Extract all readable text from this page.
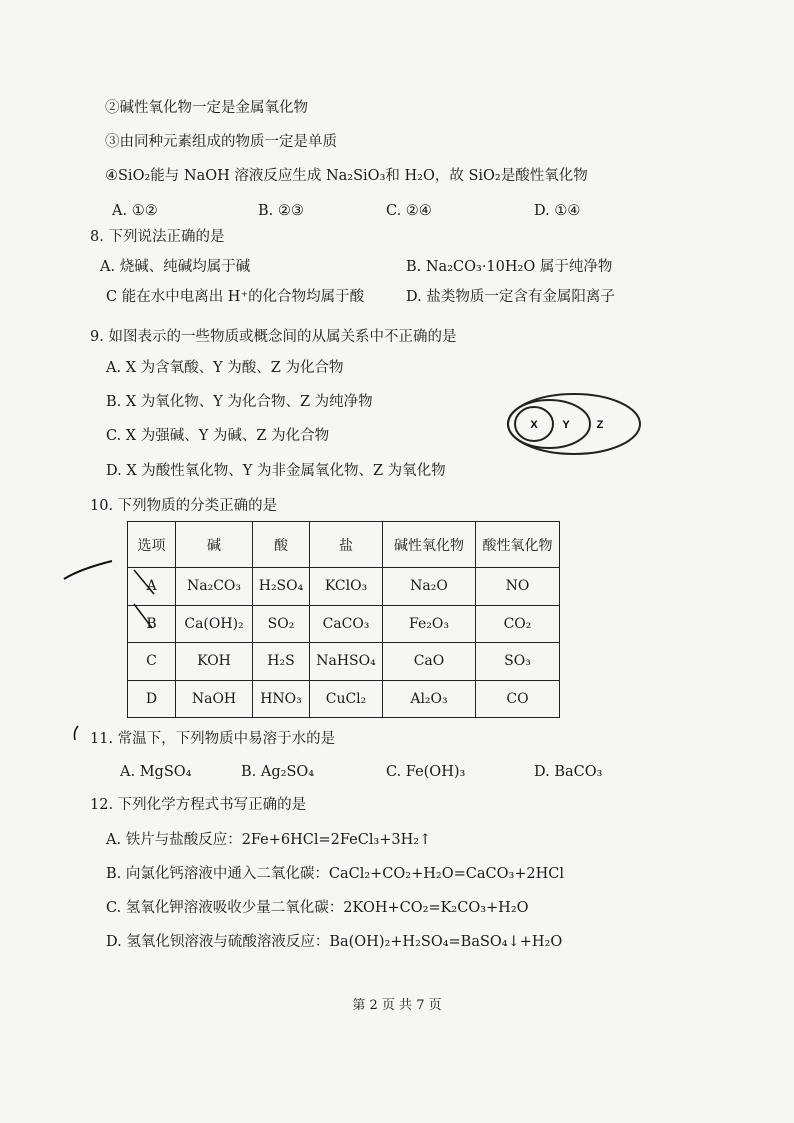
②碱性氧化物一定是金属氧化物
③由同种元素组成的物质一定是单质
④SiO₂能与 NaOH 溶液反应生成 Na₂SiO₃和 H₂O，故 SiO₂是酸性氧化物
A. ①②	B. ②③	C. ②④	D. ①④
8. 下列说法正确的是
A. 烧碱、纯碱均属于碱	B. Na₂CO₃·10H₂O 属于纯净物
C 能在水中电离出 H⁺的化合物均属于酸	D. 盐类物质一定含有金属阳离子
9. 如图表示的一些物质或概念间的从属关系中不正确的是
A. X 为含氧酸、Y 为酸、Z 为化合物
B. X 为氧化物、Y 为化合物、Z 为纯净物
C. X 为强碱、Y 为碱、Z 为化合物
D. X 为酸性氧化物、Y 为非金属氧化物、Z 为氧化物
X Y Z
10. 下列物质的分类正确的是
选项	碱	酸	盐	碱性氧化物	酸性氧化物
A	Na₂CO₃	H₂SO₄	KClO₃	Na₂O	NO
B	Ca(OH)₂	SO₂	CaCO₃	Fe₂O₃	CO₂
C	KOH	H₂S	NaHSO₄	CaO	SO₃
D	NaOH	HNO₃	CuCl₂	Al₂O₃	CO
11. 常温下，下列物质中易溶于水的是
A. MgSO₄	B. Ag₂SO₄	C. Fe(OH)₃	D. BaCO₃
12. 下列化学方程式书写正确的是
A. 铁片与盐酸反应：2Fe+6HCl=2FeCl₃+3H₂↑
B. 向氯化钙溶液中通入二氧化碳：CaCl₂+CO₂+H₂O=CaCO₃+2HCl
C. 氢氧化钾溶液吸收少量二氧化碳：2KOH+CO₂=K₂CO₃+H₂O
D. 氢氧化钡溶液与硫酸溶液反应：Ba(OH)₂+H₂SO₄=BaSO₄↓+H₂O
第 2 页 共 7 页
